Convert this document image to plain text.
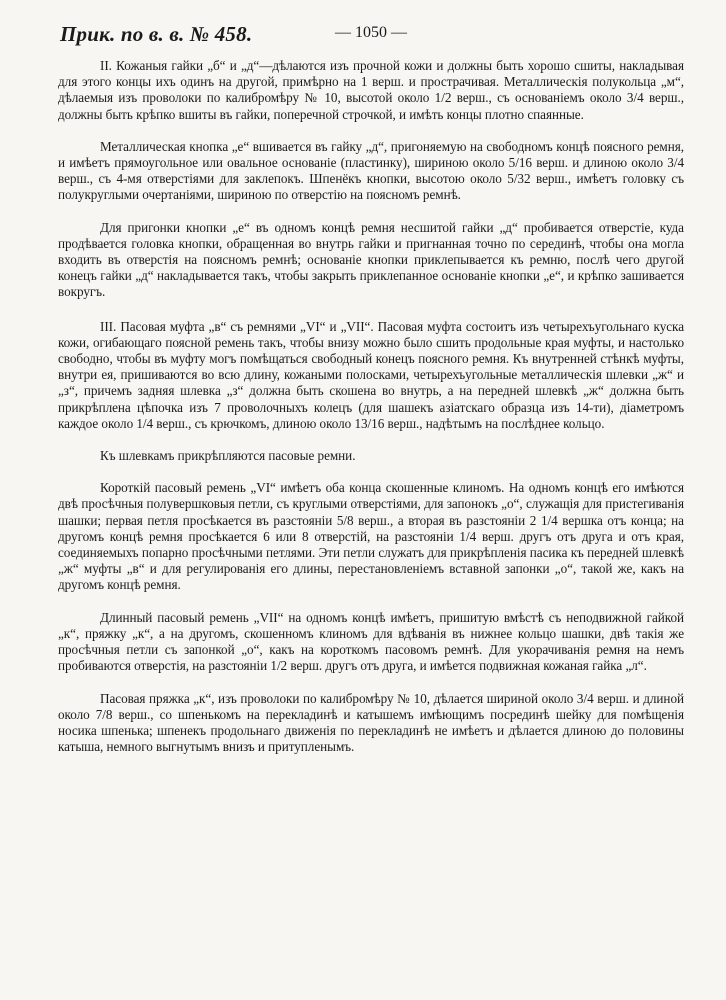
Прик. по в. в. № 458.	— 1050 —

II. Кожаныя гайки „б“ и „д“—дѣлаются изъ прочной кожи и должны быть хорошо сшиты, накладывая для этого концы ихъ одинъ на другой, примѣрно на 1 верш. и прострачивая. Металлическія полукольца „м“, дѣлаемыя изъ проволоки по калибромѣру № 10, высотой около 1/2 верш., съ основаніемъ около 3/4 верш., должны быть крѣпко вшиты въ гайки, поперечной строчкой, и имѣть концы плотно спаянные.

Металлическая кнопка „е“ вшивается въ гайку „д“, пригоняемую на свободномъ концѣ поясного ремня, и имѣетъ прямоугольное или овальное основаніе (пластинку), шириною около 5/16 верш. и длиною около 3/4 верш., съ 4-мя отверстіями для заклепокъ. Шпенёкъ кнопки, высотою около 5/32 верш., имѣетъ головку съ полукруглыми очертаніями, шириною по отверстію на поясномъ ремнѣ.

Для пригонки кнопки „е“ въ одномъ концѣ ремня несшитой гайки „д“ пробивается отверстіе, куда продѣвается головка кнопки, обращенная во внутрь гайки и пригнанная точно по серединѣ, чтобы она могла входить въ отверстія на поясномъ ремнѣ; основаніе кнопки приклепывается къ ремню, послѣ чего другой конецъ гайки „д“ накладывается такъ, чтобы закрыть приклепанное основаніе кнопки „е“, и крѣпко зашивается вокругъ.

III. Пасовая муфта „в“ съ ремнями „VI“ и „VII“. Пасовая муфта состоитъ изъ четырехъугольнаго куска кожи, огибающаго поясной ремень такъ, чтобы внизу можно было сшить продольные края муфты, и настолько свободно, чтобы въ муфту могъ помѣщаться свободный конецъ поясного ремня. Къ внутренней стѣнкѣ муфты, внутри ея, пришиваются во всю длину, кожаными полосками, четырехъугольные металлическія шлевки „ж“ и „з“, причемъ задняя шлевка „з“ должна быть скошена во внутрь, а на передней шлевкѣ „ж“ должна быть прикрѣплена цѣпочка изъ 7 проволочныхъ колецъ (для шашекъ азіатскаго образца изъ 14-ти), діаметромъ каждое около 1/4 верш., съ крючкомъ, длиною около 13/16 верш., надѣтымъ на послѣднее кольцо.

Къ шлевкамъ прикрѣпляются пасовые ремни.

Короткій пасовый ремень „VI“ имѣетъ оба конца скошенные клиномъ. На одномъ концѣ его имѣются двѣ просѣчныя полувершковыя петли, съ круглыми отверстіями, для запонокъ „о“, служащія для пристегиванія шашки; первая петля просѣкается въ разстояніи 5/8 верш., а вторая въ разстояніи 2 1/4 вершка отъ конца; на другомъ концѣ ремня просѣкается 6 или 8 отверстій, на разстояніи 1/4 верш. другъ отъ друга и отъ края, соединяемыхъ попарно просѣчными петлями. Эти петли служатъ для прикрѣпленія пасика къ передней шлевкѣ „ж“ муфты „в“ и для регулированія его длины, перестановленіемъ вставной запонки „о“, такой же, какъ на другомъ концѣ ремня.

Длинный пасовый ремень „VII“ на одномъ концѣ имѣетъ, пришитую вмѣстѣ съ неподвижной гайкой „к“, пряжку „к“, а на другомъ, скошенномъ клиномъ для вдѣванія въ нижнее кольцо шашки, двѣ такія же просѣчныя петли съ запонкой „о“, какъ на короткомъ пасовомъ ремнѣ. Для укорачиванія ремня на немъ пробиваются отверстія, на разстояніи 1/2 верш. другъ отъ друга, и имѣется подвижная кожаная гайка „л“.

Пасовая пряжка „к“, изъ проволоки по калибромѣру № 10, дѣлается шириной около 3/4 верш. и длиной около 7/8 верш., со шпенькомъ на перекладинѣ и катышемъ имѣющимъ посрединѣ шейку для помѣщенія носика шпенька; шпенекъ продольнаго движенія по перекладинѣ не имѣетъ и дѣлается длиною до половины катыша, немного выгнутымъ внизъ и притупленымъ.
